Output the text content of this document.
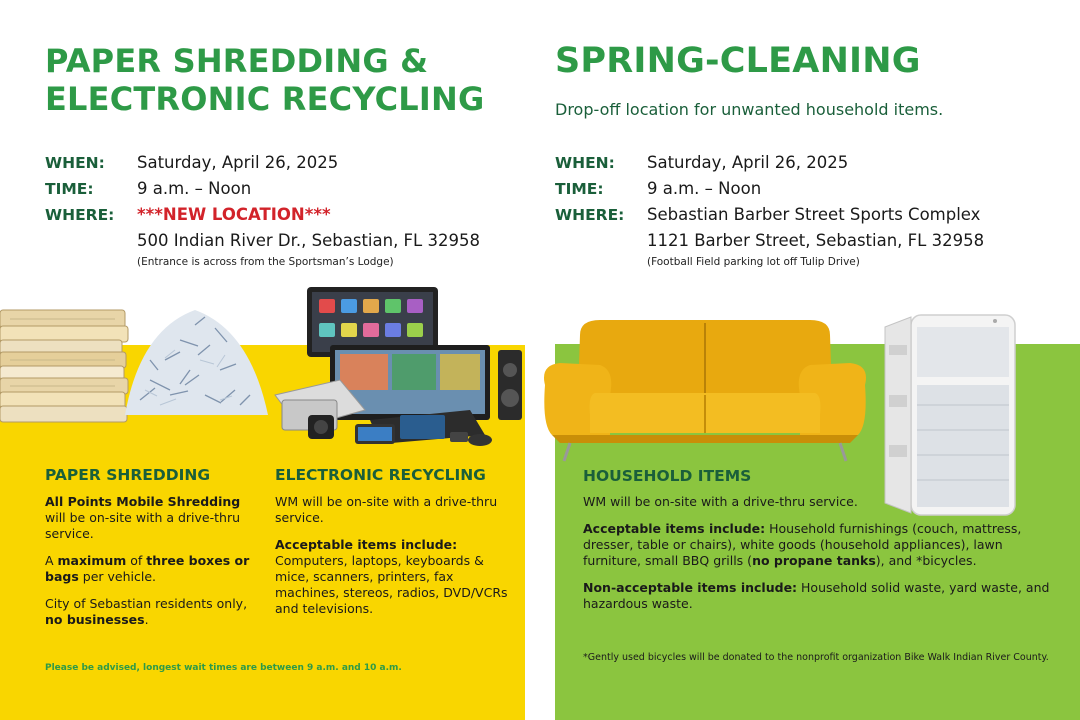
PAPER SHREDDING &
ELECTRONIC RECYCLING
WHEN:	Saturday, April 26, 2025
TIME:	9 a.m. – Noon
WHERE:	***NEW LOCATION***
500 Indian River Dr., Sebastian, FL 32958
(Entrance is across from the Sportsman’s Lodge)
PAPER SHREDDING

All Points Mobile Shredding
will be on-site with a drive-thru service.

A maximum of three boxes or bags per vehicle.

City of Sebastian residents only, no businesses.

ELECTRONIC RECYCLING

WM will be on-site with a drive-thru service.

Acceptable items include:
Computers, laptops, keyboards & mice, scanners, printers, fax machines, stereos, radios, DVD/VCRs and televisions.

Please be advised, longest wait times are between 9 a.m. and 10 a.m.
SPRING-CLEANING
Drop-off location for unwanted household items.
WHEN:	Saturday, April 26, 2025
TIME:	9 a.m. – Noon
WHERE:	Sebastian Barber Street Sports Complex
1121 Barber Street, Sebastian, FL 32958
(Football Field parking lot off Tulip Drive)
HOUSEHOLD ITEMS

WM will be on-site with a drive-thru service.

Acceptable items include: Household furnishings (couch, mattress, dresser, table or chairs), white goods (household appliances), lawn furniture, small BBQ grills (no propane tanks), and *bicycles.

Non-acceptable items include: Household solid waste, yard waste, and hazardous waste.

*Gently used bicycles will be donated to the nonprofit organization Bike Walk Indian River County.
